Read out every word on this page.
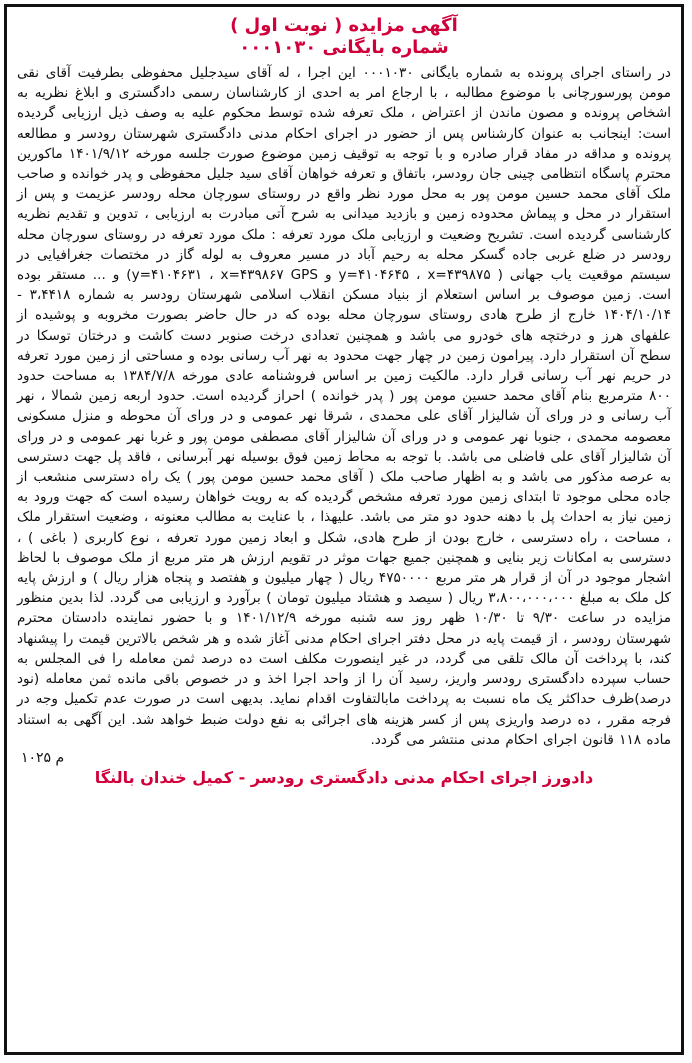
آگهی مزایده ( نوبت اول )
شماره بایگانی ۰۰۰۱۰۳۰
در راستای اجرای پرونده به شماره بایگانی ۰۰۰۱۰۳۰ این اجرا ، له آقای سیدجلیل محفوظی بطرفیت آقای نقی مومن پورسورچانی با موضوع مطالبه ، با ارجاع امر به احدی از کارشناسان رسمی دادگستری و ابلاغ نظریه به اشخاص پرونده و مصون ماندن از اعتراض ، ملک تعرفه شده توسط محکوم علیه به وصف ذیل ارزیابی گردیده است: اینجانب به عنوان کارشناس پس از حضور در اجرای احکام مدنی دادگستری شهرستان رودسر و مطالعه پرونده و مداقه در مفاد قرار صادره و با توجه به توقیف زمین موضوع صورت جلسه مورخه ۱۴۰۱/۹/۱۲ ماکورین محترم پاسگاه انتظامی چینی جان رودسر، باتفاق و تعرفه خواهان آقای سید جلیل محفوظی و پدر خوانده و صاحب ملک آقای محمد حسین مومن پور به محل مورد نظر واقع در روستای سورچان محله رودسر عزیمت و پس از استقرار در محل و پیماش محدوده زمین و بازدید میدانی به شرح آتی مبادرت به ارزیابی ، تدوین و تقدیم نظریه کارشناسی گردیده است. تشریح وضعیت و ارزیابی ملک مورد تعرفه : ملک مورد تعرفه در روستای سورچان محله رودسر در ضلع غربی جاده گسکر محله به رحیم آباد در مسیر معروف به لوله گاز در مختصات جغرافیایی در سیستم موقعیت یاب جهانی ( y=۴۱۰۴۶۴۵ ، x=۴۳۹۸۷۵ و y=۴۱۰۴۶۳۱ ، x=۴۳۹۸۶۷ GPS) و ... مستقر بوده است. زمین موصوف بر اساس استعلام از بنیاد مسکن انقلاب اسلامی شهرستان رودسر به شماره ۳،۴۴۱۸ - ۱۴۰۴/۱۰/۱۴ خارج از طرح هادی روستای سورچان محله بوده که در حال حاضر بصورت مخروبه و پوشیده از علفهای هرز و درختچه های خودرو می باشد و همچنین تعدادی درخت صنوبر دست کاشت و درختان توسکا در سطح آن استقرار دارد. پیرامون زمین در چهار جهت محدود به نهر آب رسانی بوده و مساحتی از زمین مورد تعرفه در حریم نهر آب رسانی قرار دارد. مالکیت زمین بر اساس فروشنامه عادی مورخه ۱۳۸۴/۷/۸ به مساحت حدود ۸۰۰ مترمربع بنام آقای محمد حسین مومن پور ( پدر خوانده ) احراز گردیده است. حدود اربعه زمین شمالا ، نهر آب رسانی و در ورای آن شالیزار آقای علی محمدی ، شرقا نهر عمومی و در ورای آن محوطه و منزل مسکونی معصومه محمدی ، جنوبا نهر عمومی و در ورای آن شالیزار آقای مصطفی مومن پور و غربا نهر عمومی و در ورای آن شالیزار آقای علی فاضلی می باشد. با توجه به محاط زمین فوق بوسیله نهر آبرسانی ، فاقد پل جهت دسترسی به عرصه مذکور می باشد و به اظهار صاحب ملک ( آقای محمد حسین مومن پور ) یک راه دسترسی منشعب از جاده محلی موجود تا ابتدای زمین مورد تعرفه مشخص گردیده که به رویت خواهان رسیده است که جهت ورود به زمین نیاز به احداث پل با دهنه حدود دو متر می باشد. علیهذا ، با عنایت به مطالب معنونه ، وضعیت استقرار ملک ، مساحت ، راه دسترسی ، خارج بودن از طرح هادی، شکل و ابعاد زمین مورد تعرفه ، نوع کاربری ( باغی ) ، دسترسی به امکانات زیر بنایی و همچنین جمیع جهات موثر در تقویم ارزش هر متر مربع از ملک موصوف با لحاظ اشجار موجود در آن از قرار هر متر مربع ۴۷۵۰۰۰۰ ریال ( چهار میلیون و هفتصد و پنجاه هزار ریال ) و ارزش پایه کل ملک به مبلغ ۳،۸۰۰،۰۰۰،۰۰۰ ریال ( سیصد و هشتاد میلیون تومان ) برآورد و ارزیابی می گردد. لذا بدین منظور مزایده در ساعت ۹/۳۰ تا ۱۰/۳۰ ظهر روز سه شنبه مورخه ۱۴۰۱/۱۲/۹ و با حضور نماینده دادستان محترم شهرستان رودسر ، از قیمت پایه در محل دفتر اجرای احکام مدنی آغاز شده و هر شخص بالاترین قیمت را پیشنهاد کند، با پرداخت آن مالک تلقی می گردد، در غیر اینصورت مکلف است ده درصد ثمن معامله را فی المجلس به حساب سپرده دادگستری رودسر واریز، رسید آن را از واحد اجرا اخذ و در خصوص باقی مانده ثمن معامله (نود درصد)ظرف حداکثر یک ماه نسبت به پرداخت مابالتفاوت اقدام نماید. بدیهی است در صورت عدم تکمیل وجه در فرجه مقرر ، ده درصد واریزی پس از کسر هزینه های اجرائی به نفع دولت ضبط خواهد شد. این آگهی به استناد ماده ۱۱۸ قانون اجرای احکام مدنی منتشر می گردد.
م ۱۰۲۵
دادورز اجرای احکام مدنی دادگستری رودسر - کمیل خندان بالنگا
